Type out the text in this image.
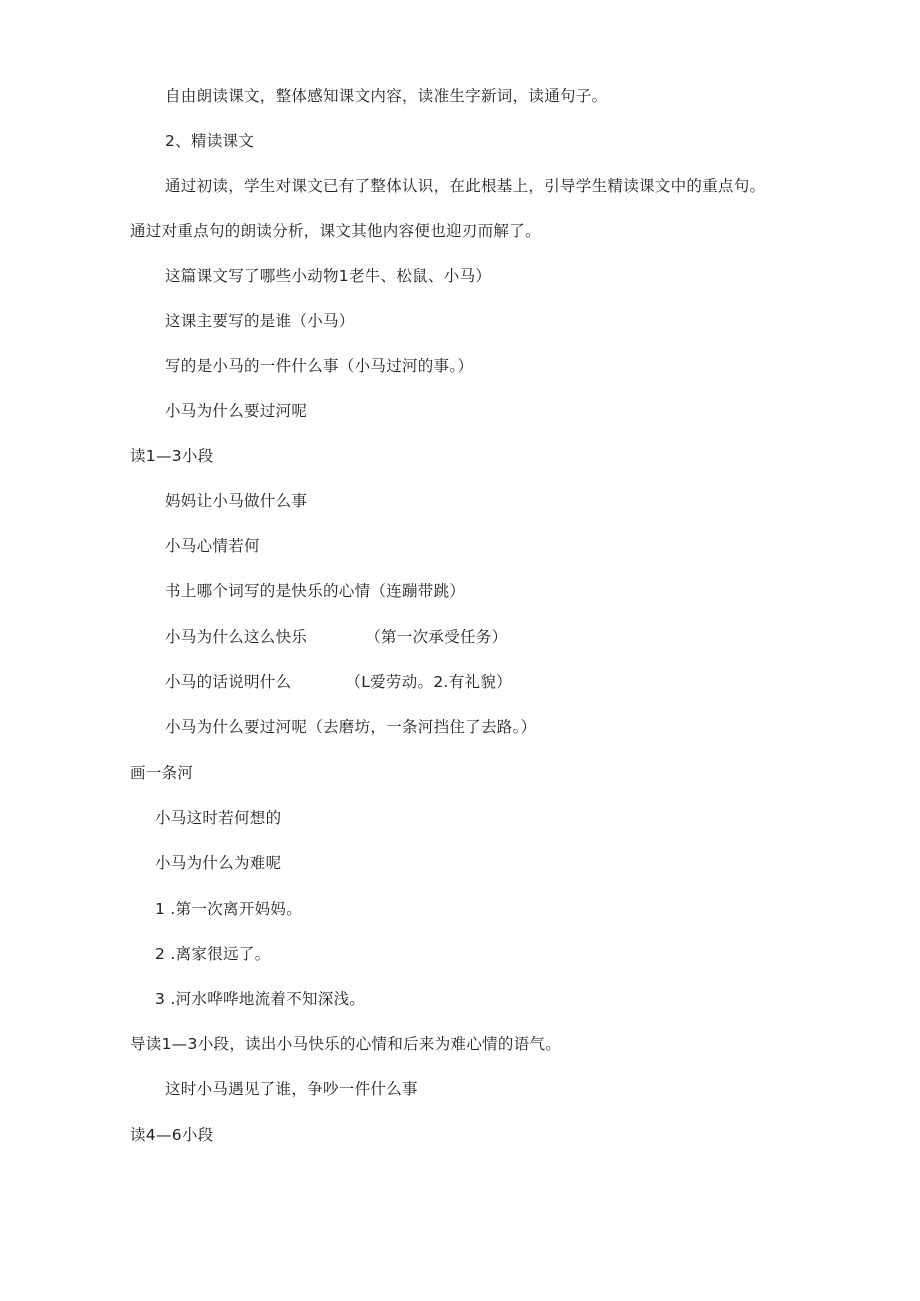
自由朗读课文，整体感知课文内容，读准生字新词，读通句子。
2、精读课文
通过初读，学生对课文已有了整体认识，在此根基上，引导学生精读课文中的重点句。
通过对重点句的朗读分析，课文其他内容便也迎刃而解了。
这篇课文写了哪些小动物1老牛、松鼠、小马）
这课主要写的是谁（小马）
写的是小马的一件什么事（小马过河的事。）
小马为什么要过河呢
读1—3小段
妈妈让小马做什么事
小马心情若何
书上哪个词写的是快乐的心情（连蹦带跳）
小马为什么这么快乐	（第一次承受任务）
小马的话说明什么	（L爱劳动。2.有礼貌）
小马为什么要过河呢（去磨坊，一条河挡住了去路。）
画一条河
小马这时若何想的
小马为什么为难呢
1 .第一次离开妈妈。
2 .离家很远了。
3 .河水哗哗地流着不知深浅。
导读1—3小段，读出小马快乐的心情和后来为难心情的语气。
这时小马遇见了谁，争吵一件什么事
读4—6小段
